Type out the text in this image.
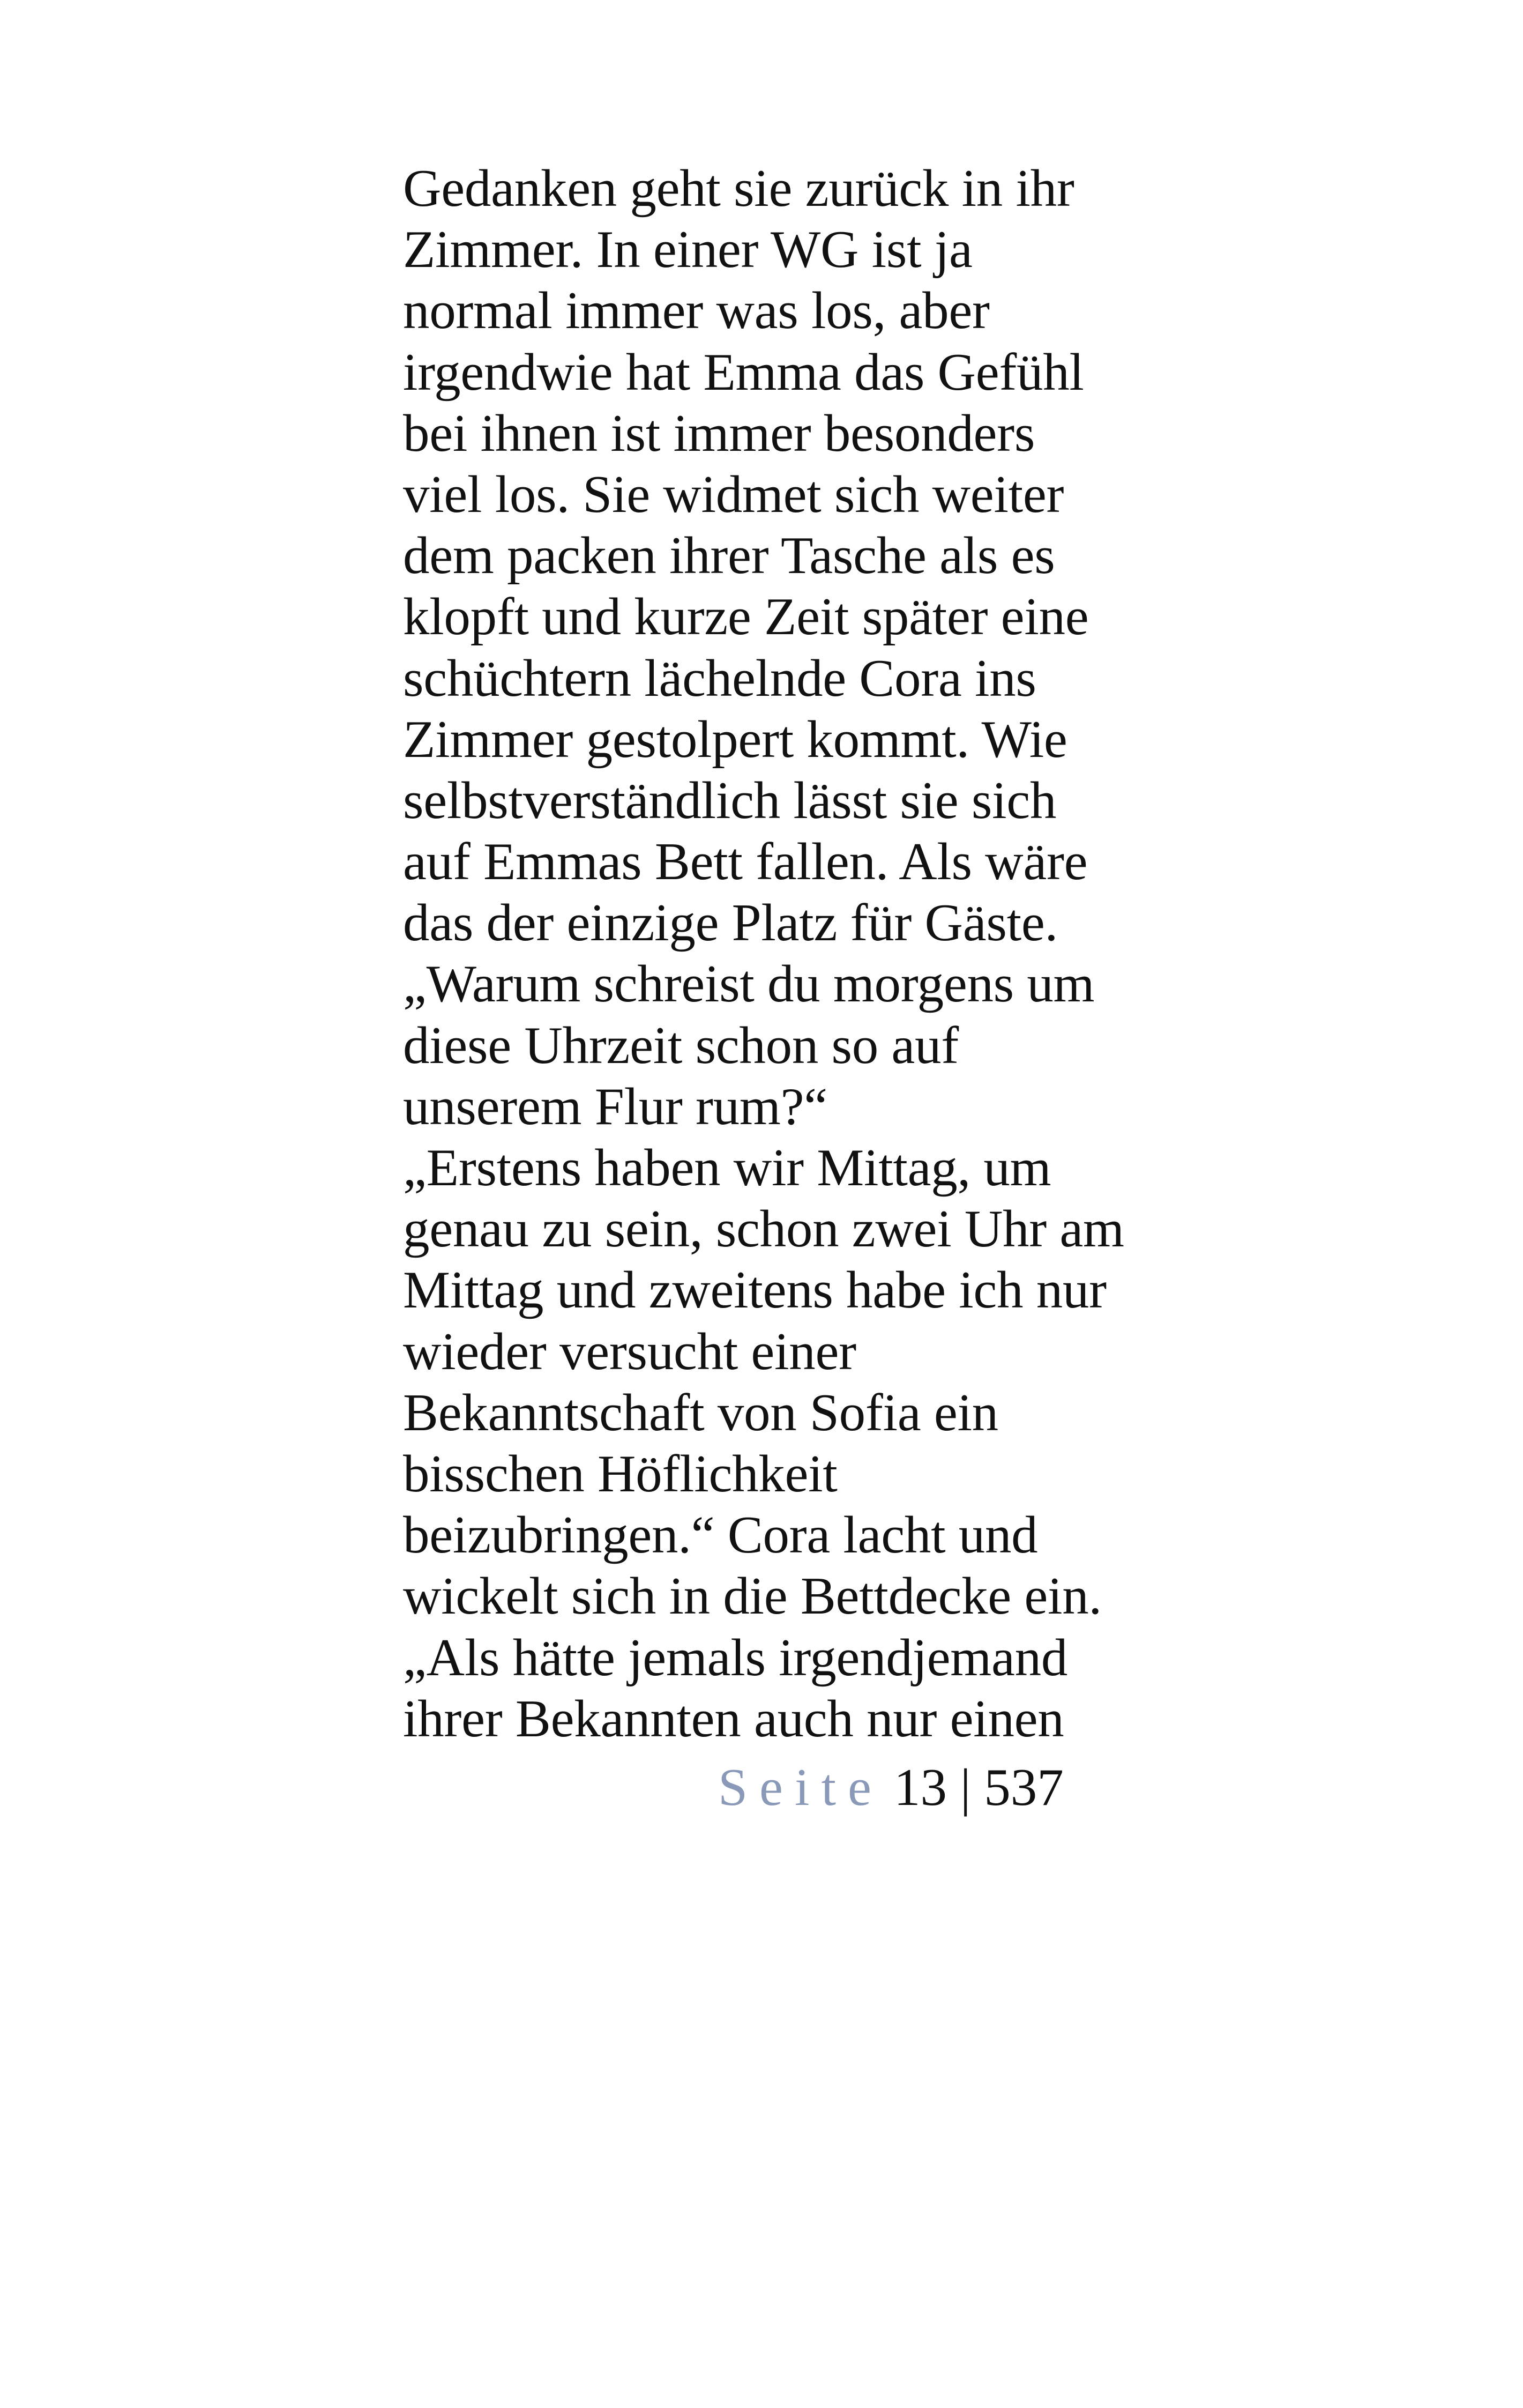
Gedanken geht sie zurück in ihr
Zimmer. In einer WG ist ja
normal immer was los, aber
irgendwie hat Emma das Gefühl
bei ihnen ist immer besonders
viel los. Sie widmet sich weiter
dem packen ihrer Tasche als es
klopft und kurze Zeit später eine
schüchtern lächelnde Cora ins
Zimmer gestolpert kommt. Wie
selbstverständlich lässt sie sich
auf Emmas Bett fallen. Als wäre
das der einzige Platz für Gäste.
„Warum schreist du morgens um
diese Uhrzeit schon so auf
unserem Flur rum?“
„Erstens haben wir Mittag, um
genau zu sein, schon zwei Uhr am
Mittag und zweitens habe ich nur
wieder versucht einer
Bekanntschaft von Sofia ein
bisschen Höflichkeit
beizubringen.“ Cora lacht und
wickelt sich in die Bettdecke ein.
„Als hätte jemals irgendjemand
ihrer Bekannten auch nur einen
Seite 13 | 537
